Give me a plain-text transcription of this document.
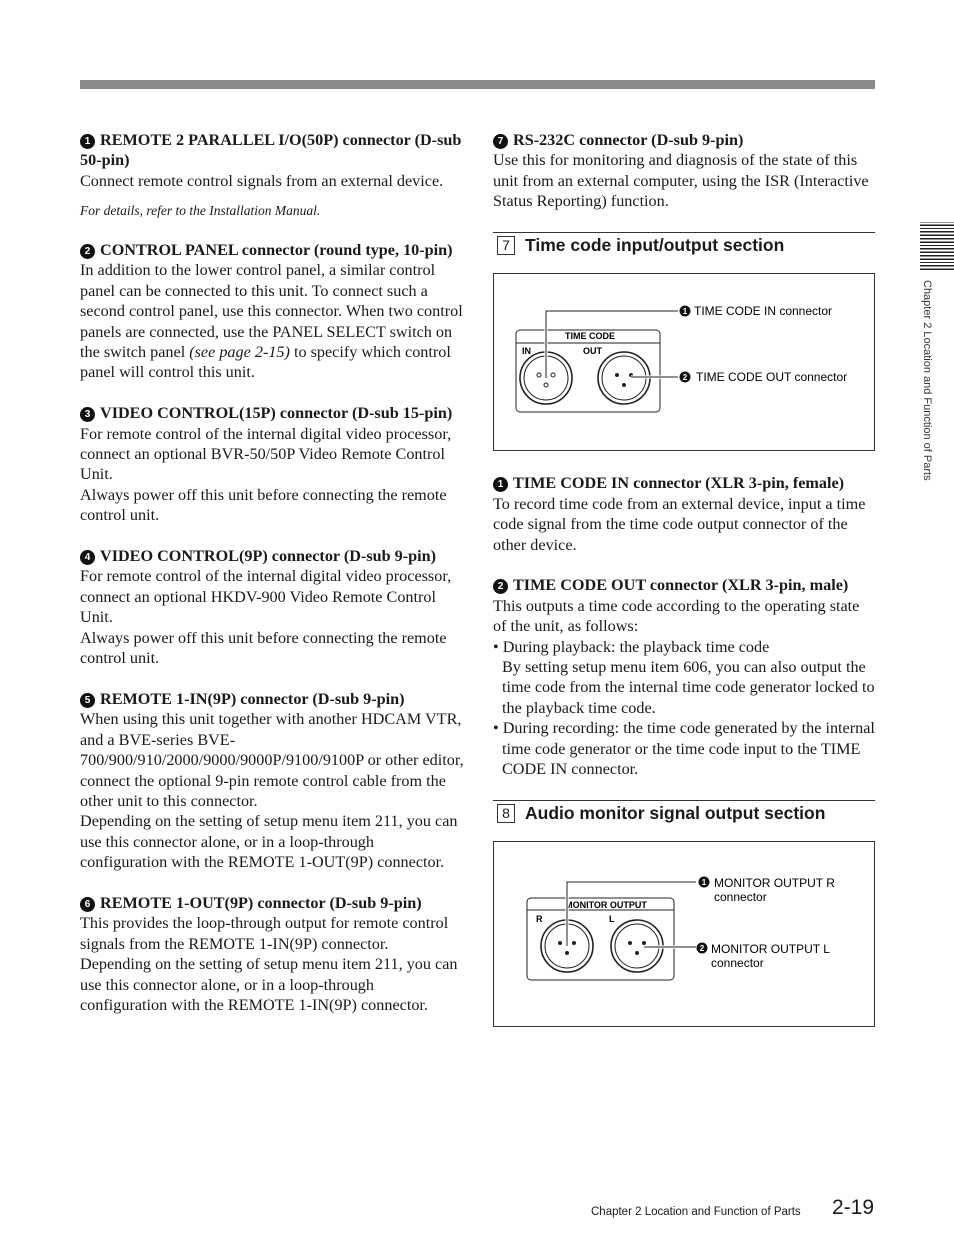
1 REMOTE 2 PARALLEL I/O(50P) connector (D-sub 50-pin)

Connect remote control signals from an external device.

For details, refer to the Installation Manual.
2 CONTROL PANEL connector (round type, 10-pin)

In addition to the lower control panel, a similar control panel can be connected to this unit. To connect such a second control panel, use this connector. When two control panels are connected, use the PANEL SELECT switch on the switch panel (see page 2-15) to specify which control panel will control this unit.

3 VIDEO CONTROL(15P) connector (D-sub 15-pin)

For remote control of the internal digital video processor, connect an optional BVR-50/50P Video Remote Control Unit.

Always power off this unit before connecting the remote control unit.

4 VIDEO CONTROL(9P) connector (D-sub 9-pin)

For remote control of the internal digital video processor, connect an optional HKDV-900 Video Remote Control Unit.

Always power off this unit before connecting the remote control unit.

5 REMOTE 1-IN(9P) connector (D-sub 9-pin)

When using this unit together with another HDCAM VTR, and a BVE-series BVE-700/900/910/2000/9000/9000P/9100/9100P or other editor, connect the optional 9-pin remote control cable from the other unit to this connector.

Depending on the setting of setup menu item 211, you can use this connector alone, or in a loop-through configuration with the REMOTE 1-OUT(9P) connector.

6 REMOTE 1-OUT(9P) connector (D-sub 9-pin)

This provides the loop-through output for remote control signals from the REMOTE 1-IN(9P) connector.

Depending on the setting of setup menu item 211, you can use this connector alone, or in a loop-through configuration with the REMOTE 1-IN(9P) connector.

7 RS-232C connector (D-sub 9-pin)

Use this for monitoring and diagnosis of the state of this unit from an external computer, using the ISR (Interactive Status Reporting) function.

7 Time code input/output section
TIME CODE
IN	OUT
1 TIME CODE IN connector
2 TIME CODE OUT connector
1 TIME CODE IN connector (XLR 3-pin, female)

To record time code from an external device, input a time code signal from the time code output connector of the other device.

2 TIME CODE OUT connector (XLR 3-pin, male)

This outputs a time code according to the operating state of the unit, as follows:

• During playback: the playback time code
By setting setup menu item 606, you can also output the time code from the internal time code generator locked to the playback time code.

• During recording: the time code generated by the internal time code generator or the time code input to the TIME CODE IN connector.

8 Audio monitor signal output section
MONITOR OUTPUT
R	L
1 MONITOR OUTPUT R
connector
2 MONITOR OUTPUT L
connector
Chapter 2 Location and Function of Parts
Chapter 2 Location and Function of Parts 2-19
